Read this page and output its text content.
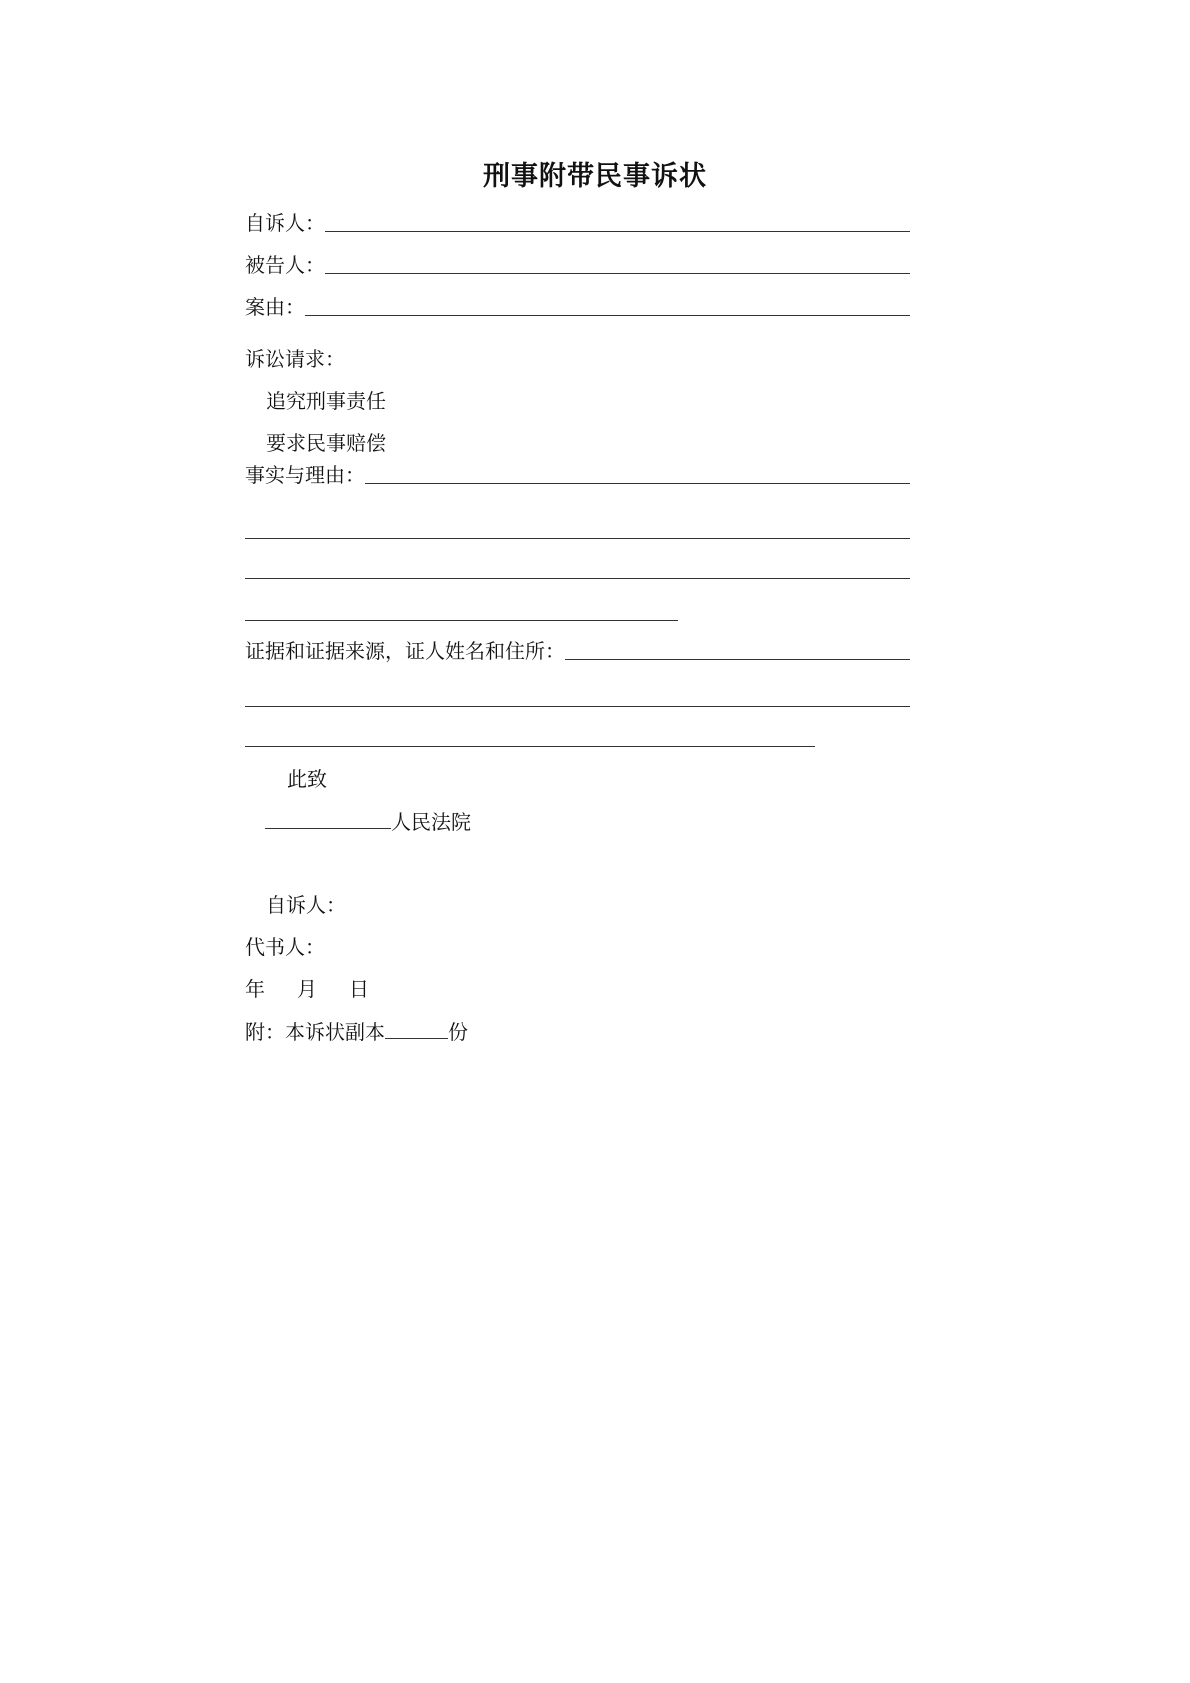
刑事附带民事诉状
自诉人：
被告人：
案由：
诉讼请求：
追究刑事责任
要求民事赔偿
事实与理由：
证据和证据来源，证人姓名和住所：
此致
人民法院
自诉人：
代书人：
年 月 日
附：本诉状副本	份
